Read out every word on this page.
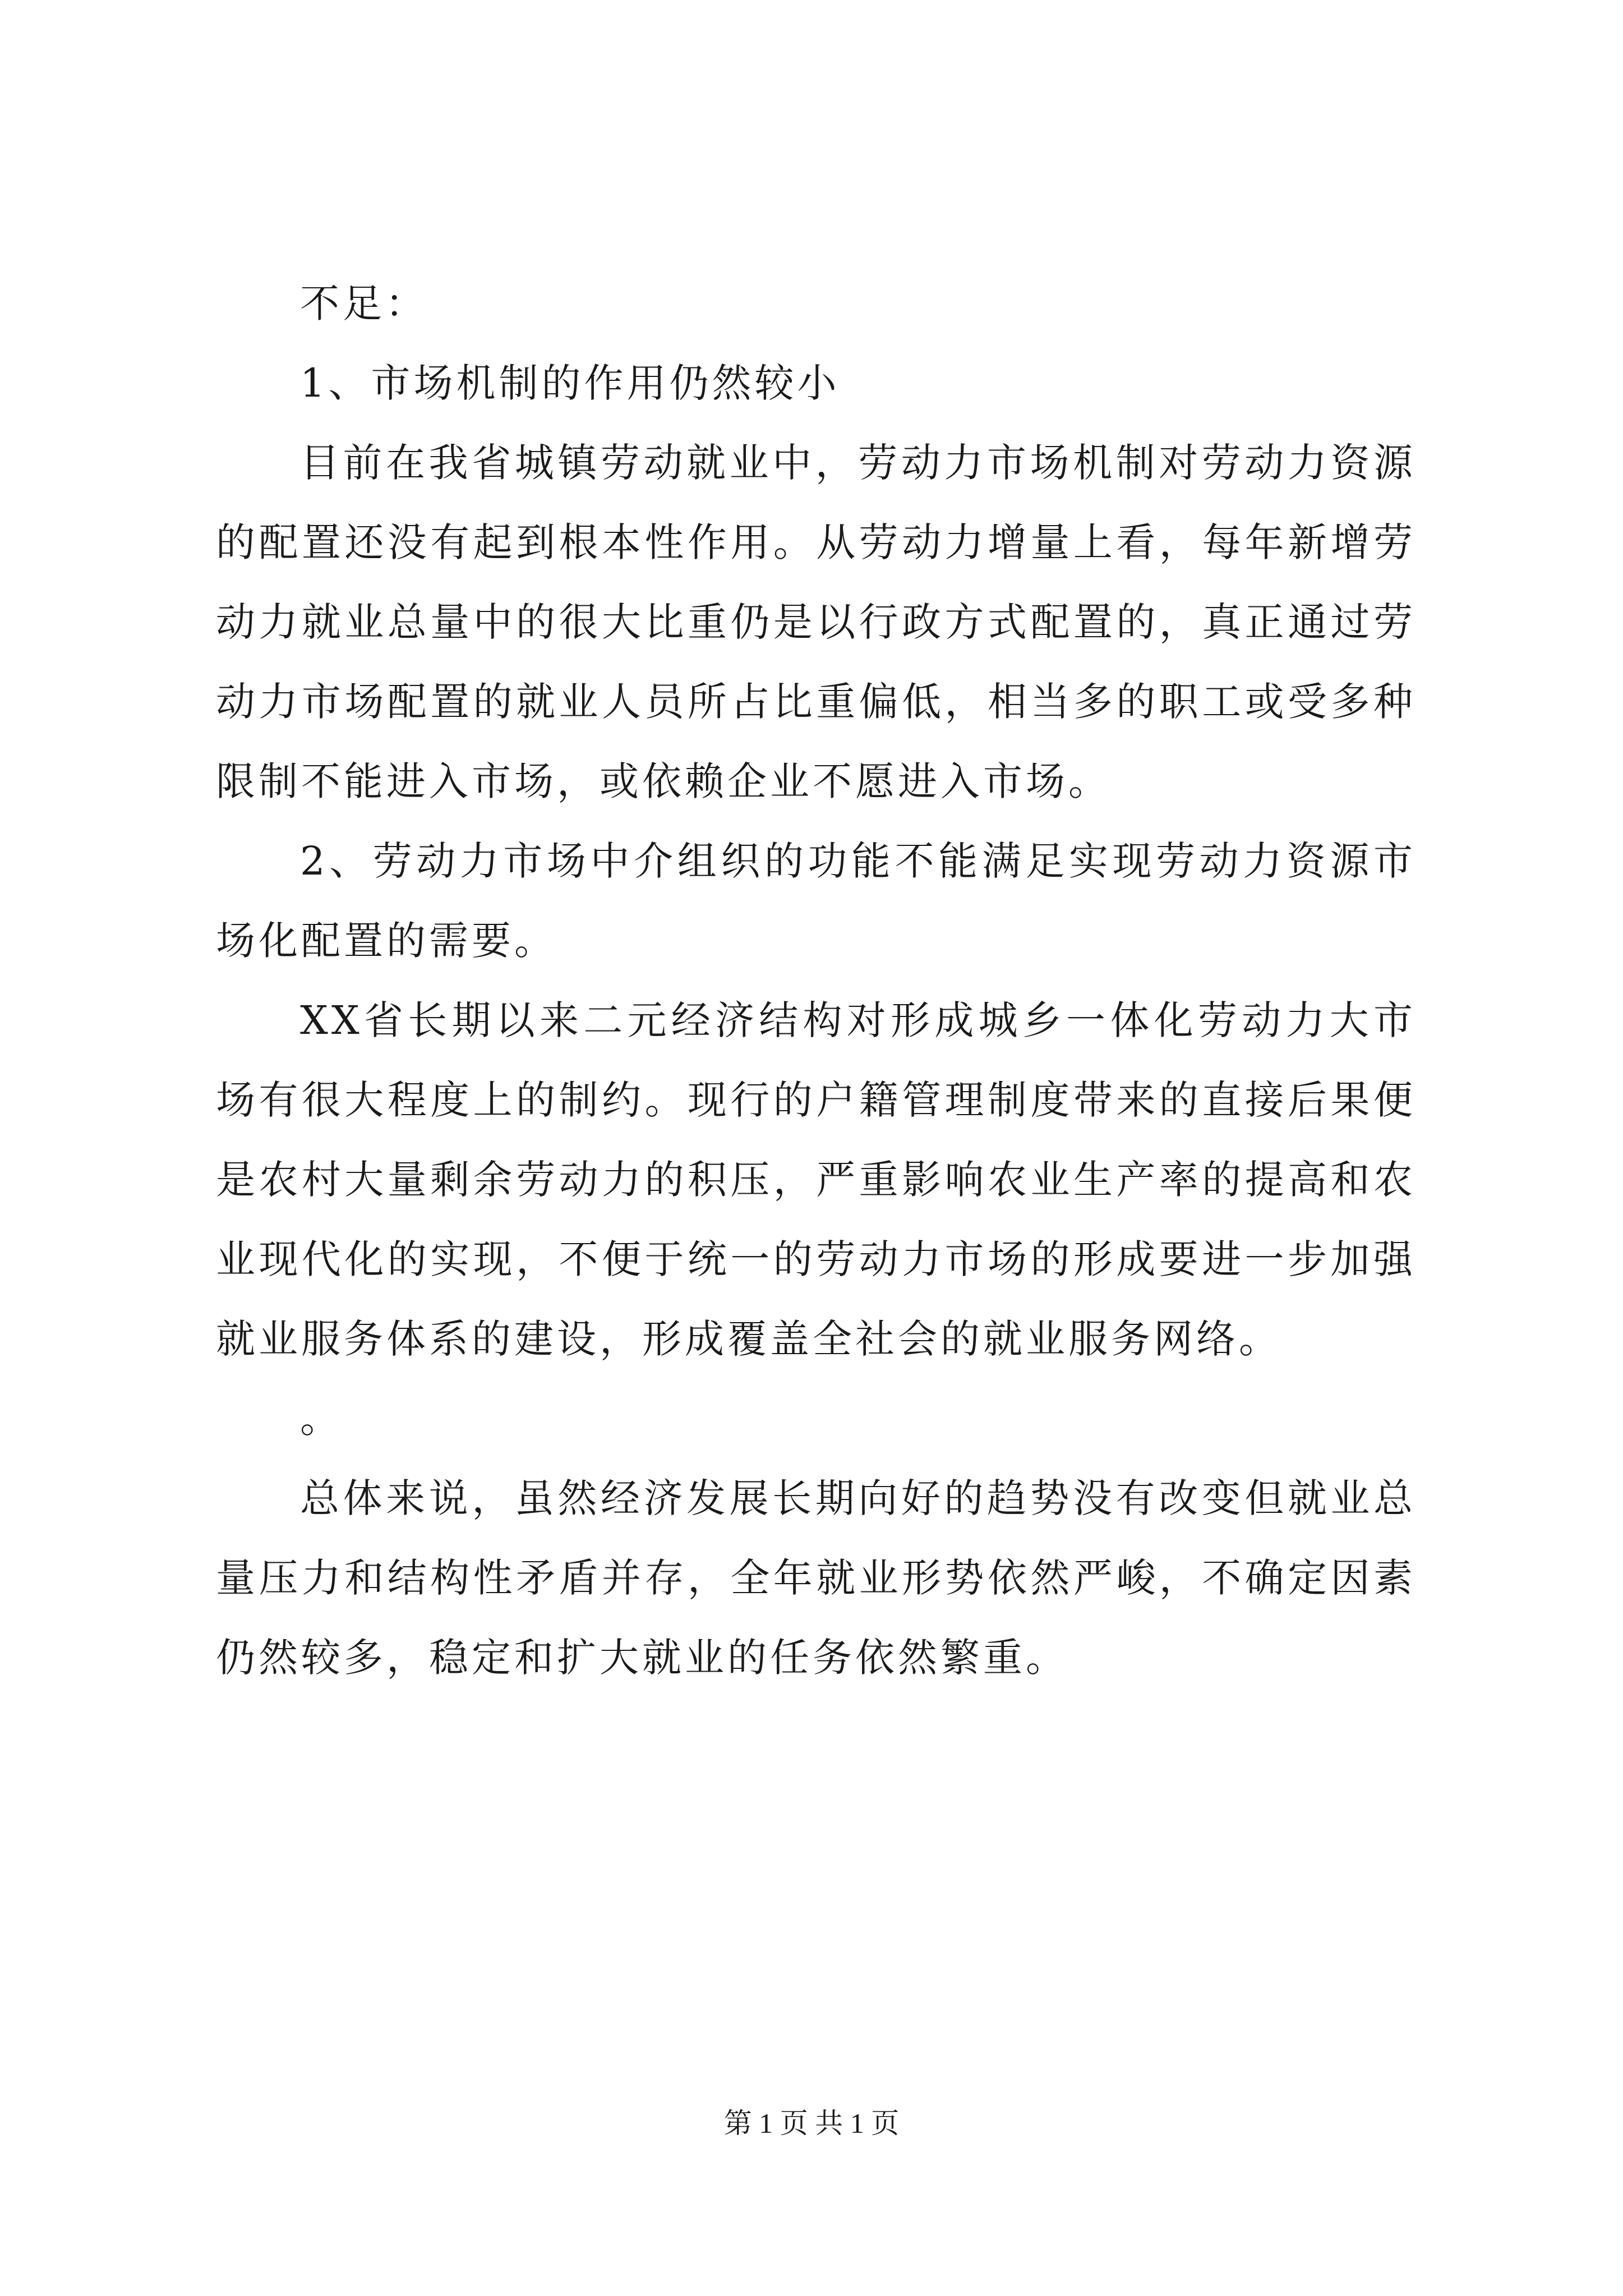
不足：

1、市场机制的作用仍然较小

目前在我省城镇劳动就业中，劳动力市场机制对劳动力资源的配置还没有起到根本性作用。从劳动力增量上看，每年新增劳动力就业总量中的很大比重仍是以行政方式配置的，真正通过劳动力市场配置的就业人员所占比重偏低，相当多的职工或受多种限制不能进入市场，或依赖企业不愿进入市场。

2、劳动力市场中介组织的功能不能满足实现劳动力资源市场化配置的需要。

XX省长期以来二元经济结构对形成城乡一体化劳动力大市场有很大程度上的制约。现行的户籍管理制度带来的直接后果便是农村大量剩余劳动力的积压，严重影响农业生产率的提高和农业现代化的实现，不便于统一的劳动力市场的形成要进一步加强就业服务体系的建设，形成覆盖全社会的就业服务网络。

。

总体来说，虽然经济发展长期向好的趋势没有改变但就业总量压力和结构性矛盾并存，全年就业形势依然严峻，不确定因素仍然较多，稳定和扩大就业的任务依然繁重。

第 1 页 共 1 页
